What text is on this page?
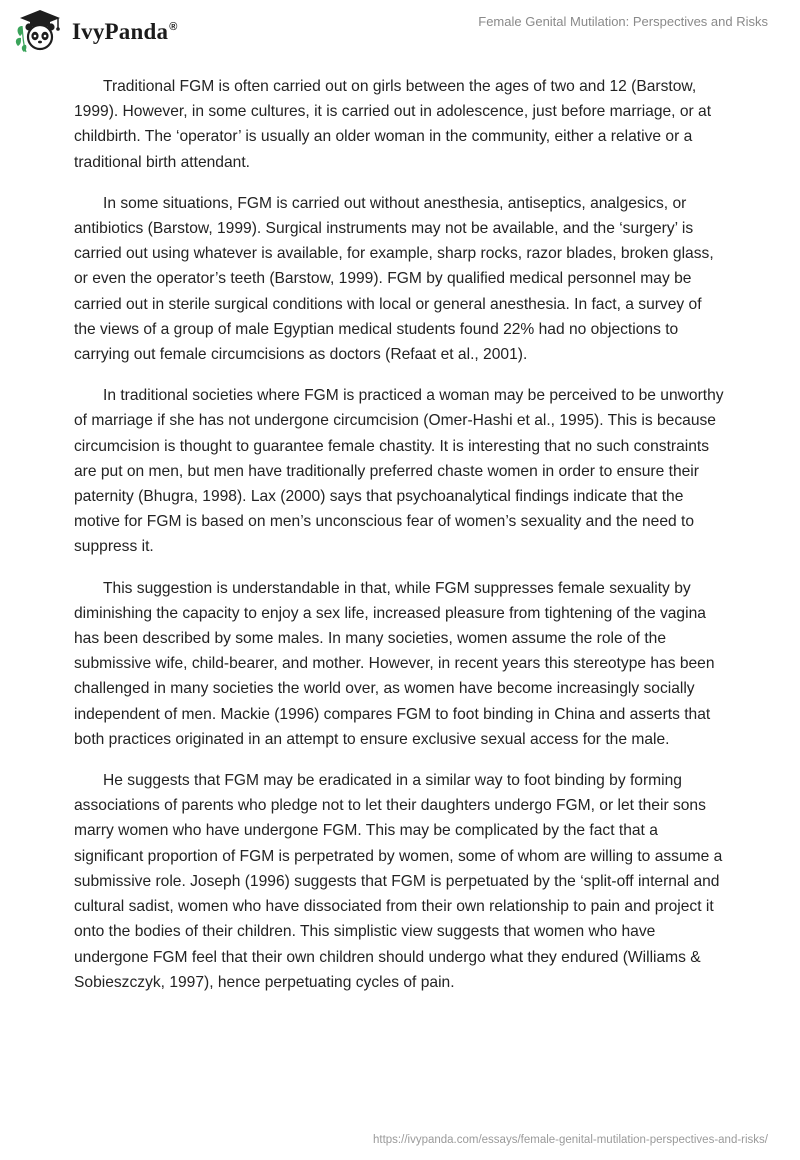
IvyPanda®	Female Genital Mutilation: Perspectives and Risks

Traditional FGM is often carried out on girls between the ages of two and 12 (Barstow, 1999). However, in some cultures, it is carried out in adolescence, just before marriage, or at childbirth. The ‘operator’ is usually an older woman in the community, either a relative or a traditional birth attendant.

In some situations, FGM is carried out without anesthesia, antiseptics, analgesics, or antibiotics (Barstow, 1999). Surgical instruments may not be available, and the ‘surgery’ is carried out using whatever is available, for example, sharp rocks, razor blades, broken glass, or even the operator’s teeth (Barstow, 1999). FGM by qualified medical personnel may be carried out in sterile surgical conditions with local or general anesthesia. In fact, a survey of the views of a group of male Egyptian medical students found 22% had no objections to carrying out female circumcisions as doctors (Refaat et al., 2001).

In traditional societies where FGM is practiced a woman may be perceived to be unworthy of marriage if she has not undergone circumcision (Omer-Hashi et al., 1995). This is because circumcision is thought to guarantee female chastity. It is interesting that no such constraints are put on men, but men have traditionally preferred chaste women in order to ensure their paternity (Bhugra, 1998). Lax (2000) says that psychoanalytical findings indicate that the motive for FGM is based on men’s unconscious fear of women’s sexuality and the need to suppress it.

This suggestion is understandable in that, while FGM suppresses female sexuality by diminishing the capacity to enjoy a sex life, increased pleasure from tightening of the vagina has been described by some males. In many societies, women assume the role of the submissive wife, child-bearer, and mother. However, in recent years this stereotype has been challenged in many societies the world over, as women have become increasingly socially independent of men. Mackie (1996) compares FGM to foot binding in China and asserts that both practices originated in an attempt to ensure exclusive sexual access for the male.

He suggests that FGM may be eradicated in a similar way to foot binding by forming associations of parents who pledge not to let their daughters undergo FGM, or let their sons marry women who have undergone FGM. This may be complicated by the fact that a significant proportion of FGM is perpetrated by women, some of whom are willing to assume a submissive role. Joseph (1996) suggests that FGM is perpetuated by the ‘split-off internal and cultural sadist, women who have dissociated from their own relationship to pain and project it onto the bodies of their children. This simplistic view suggests that women who have undergone FGM feel that their own children should undergo what they endured (Williams & Sobieszczyk, 1997), hence perpetuating cycles of pain.

https://ivypanda.com/essays/female-genital-mutilation-perspectives-and-risks/
